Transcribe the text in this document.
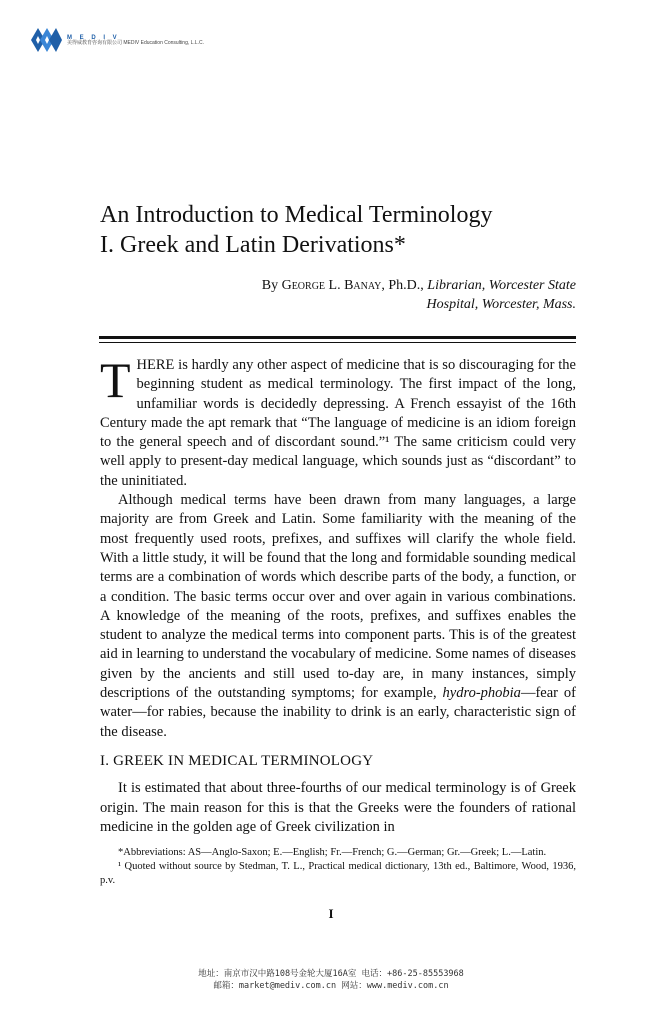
M E D I V
美得威教育咨询有限公司 MEDIV Education Consulting, L.L.C.
An Introduction to Medical Terminology
I. Greek and Latin Derivations*
By George L. Banay, Ph.D., Librarian, Worcester State
Hospital, Worcester, Mass.

THERE is hardly any other aspect of medicine that is so discouraging for the beginning student as medical terminology. The first impact of the long, unfamiliar words is decidedly depressing. A French essayist of the 16th Century made the apt remark that “The language of medicine is an idiom foreign to the general speech and of discordant sound.”¹ The same criticism could very well apply to present-day medical language, which sounds just as “discordant” to the uninitiated.

Although medical terms have been drawn from many languages, a large majority are from Greek and Latin. Some familiarity with the meaning of the most frequently used roots, prefixes, and suffixes will clarify the whole field. With a little study, it will be found that the long and formidable sounding medical terms are a combination of words which describe parts of the body, a function, or a condition. The basic terms occur over and over again in various combinations. A knowledge of the meaning of the roots, prefixes, and suffixes enables the student to analyze the medical terms into component parts. This is of the greatest aid in learning to understand the vocabulary of medicine. Some names of diseases given by the ancients and still used to-day are, in many instances, simply descriptions of the outstanding symptoms; for example, hydro-phobia—fear of water—for rabies, because the inability to drink is an early, characteristic sign of the disease.

I. GREEK IN MEDICAL TERMINOLOGY

It is estimated that about three-fourths of our medical terminology is of Greek origin. The main reason for this is that the Greeks were the founders of rational medicine in the golden age of Greek civilization in

*Abbreviations: AS—Anglo-Saxon; E.—English; Fr.—French; G.—German; Gr.—Greek; L.—Latin.

¹ Quoted without source by Stedman, T. L., Practical medical dictionary, 13th ed., Baltimore, Wood, 1936, p.v.

I
地址：南京市汉中路108号金轮大厦16A室 电话：+86-25-85553968
邮箱：market@mediv.com.cn 网站：www.mediv.com.cn
